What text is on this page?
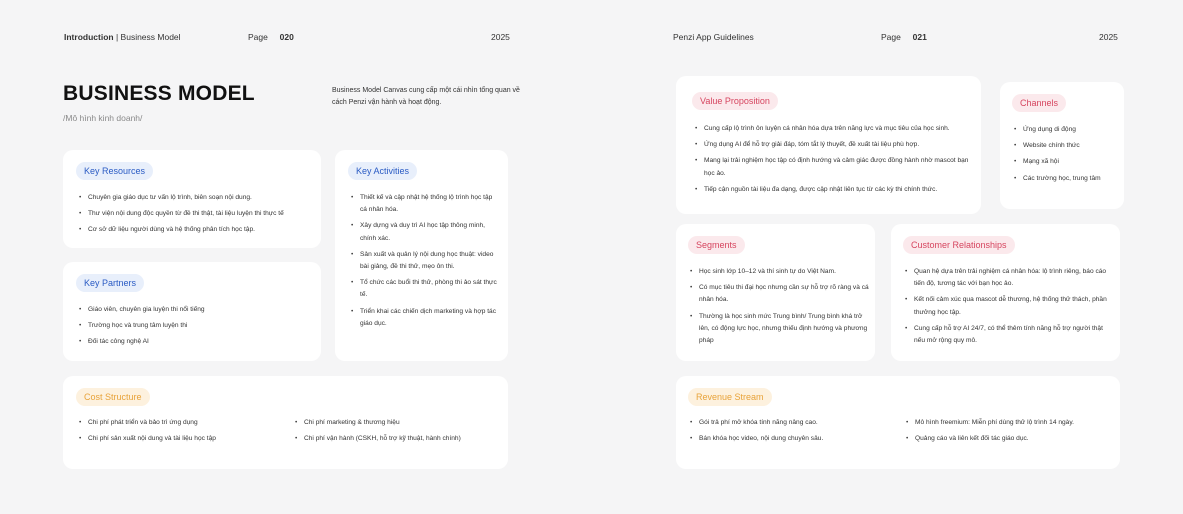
Introduction | Business Model	Page 020	2025
BUSINESS MODEL
/Mô hình kinh doanh/
Business Model Canvas cung cấp một cái nhìn tổng quan về cách Penzi vận hành và hoạt động.
Key Resources
• Chuyên gia giáo dục tư vấn lộ trình, biên soạn nội dung.
• Thư viện nội dung độc quyền từ đề thi thật, tài liệu luyện thi thực tế
• Cơ sở dữ liệu người dùng và hệ thống phân tích học tập.
Key Activities
• Thiết kế và cập nhật hệ thống lộ trình học tập cá nhân hóa.
• Xây dựng và duy trì AI học tập thông minh, chính xác.
• Sản xuất và quản lý nội dung học thuật: video bài giảng, đề thi thử, mẹo ôn thi.
• Tổ chức các buổi thi thử, phòng thi ảo sát thực tế.
• Triển khai các chiến dịch marketing và hợp tác giáo dục.
Key Partners
• Giáo viên, chuyên gia luyện thi nổi tiếng
• Trường học và trung tâm luyện thi
• Đối tác công nghệ AI
Cost Structure
• Chi phí phát triển và bảo trì ứng dụng
• Chi phí sản xuất nội dung và tài liệu học tập
• Chi phí marketing & thương hiệu
• Chi phí vận hành (CSKH, hỗ trợ kỹ thuật, hành chính)
Penzi App Guidelines	Page 021	2025
Value Proposition
• Cung cấp lộ trình ôn luyện cá nhân hóa dựa trên năng lực và mục tiêu của học sinh.
• Ứng dụng AI để hỗ trợ giải đáp, tóm tắt lý thuyết, đề xuất tài liệu phù hợp.
• Mang lại trải nghiệm học tập có định hướng và cảm giác được đồng hành nhờ mascot bạn học ảo.
• Tiếp cận nguồn tài liệu đa dạng, được cập nhật liên tục từ các kỳ thi chính thức.
Channels
• Ứng dụng di động
• Website chính thức
• Mạng xã hội
• Các trường học, trung tâm
Segments
• Học sinh lớp 10–12 và thí sinh tự do Việt Nam.
• Có mục tiêu thi đại học nhưng cần sự hỗ trợ rõ ràng và cá nhân hóa.
• Thường là học sinh mức Trung bình/ Trung bình khá trở lên, có động lực học, nhưng thiếu định hướng và phương pháp
Customer Relationships
• Quan hệ dựa trên trải nghiệm cá nhân hóa: lộ trình riêng, báo cáo tiến độ, tương tác với bạn học ảo.
• Kết nối cảm xúc qua mascot dễ thương, hệ thống thử thách, phần thưởng học tập.
• Cung cấp hỗ trợ AI 24/7, có thể thêm tính năng hỗ trợ người thật nếu mở rộng quy mô.
Revenue Stream
• Gói trả phí mở khóa tính năng nâng cao.
• Bán khóa học video, nội dung chuyên sâu.
• Mô hình freemium: Miễn phí dùng thử lộ trình 14 ngày.
• Quảng cáo và liên kết đối tác giáo dục.
